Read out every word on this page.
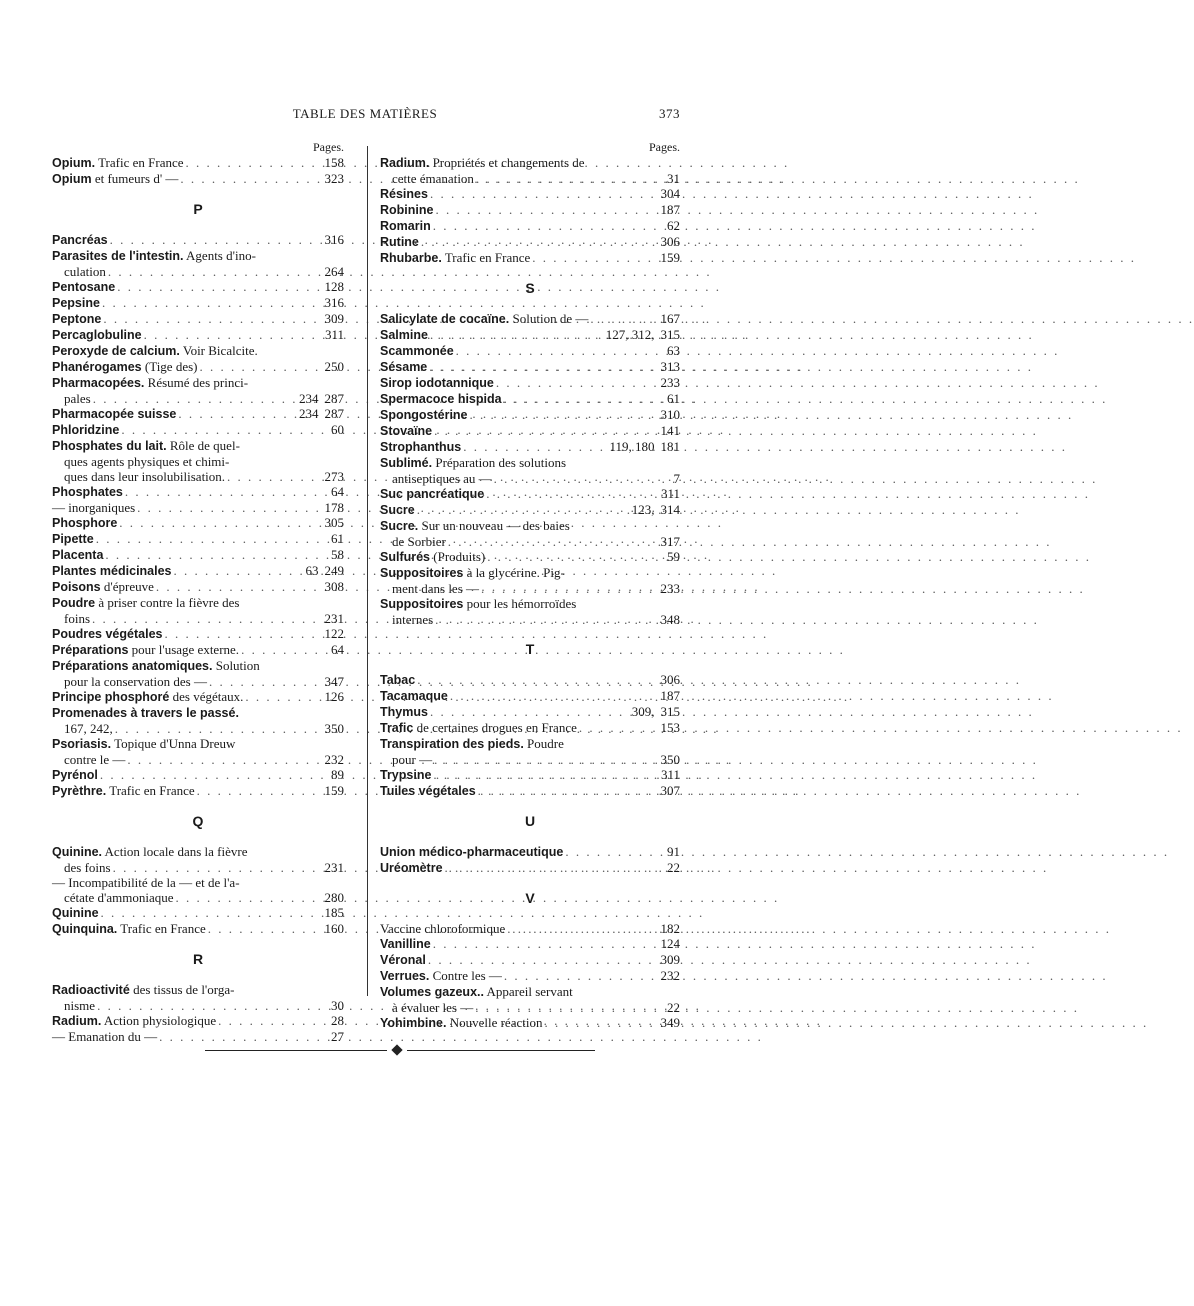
TABLE DES MATIÈRES	373
Pages.
Opium. Trafic en France . . .	158
Opium et fumeurs d' — . . .	323
P
Pancréas . . .	316
Parasites de l'intestin. Agents d'ino-
culation . . .	264
Pentosane . . .	128
Pepsine . . .	316
Peptone . . .	309
Percaglobuline . . .	311
Peroxyde de calcium. Voir Bicalcite.
Phanérogames (Tige des) . . .	250
Pharmacopées. Résumé des princi-
pales . . .	234 287
Pharmacopée suisse . . .	234 287
Phloridzine . . .	60
Phosphates du lait. Rôle de quel-
ques agents physiques et chimi-
ques dans leur insolubilisation. . . .	273
Phosphates . . .	64
— inorganiques . . .	178
Phosphore . . .	305
Pipette . . .	61
Placenta . . .	58
Plantes médicinales . . .	63 249
Poisons d'épreuve . . .	308
Poudre à priser contre la fièvre des
foins . . .	231
Poudres végétales . . .	122
Préparations pour l'usage externe. . . .	64
Préparations anatomiques. Solution
pour la conservation des — . . .	347
Principe phosphoré des végétaux. . . .	126
Promenades à travers le passé.
167, 242, . . .	350
Psoriasis. Topique d'Unna Dreuw
contre le — . . .	232
Pyrénol . . .	89
Pyrèthre. Trafic en France . . .	159
Q
Quinine. Action locale dans la fièvre
des foins . . .	231
— Incompatibilité de la — et de l'a-
cétate d'ammoniaque . . .	280
Quinine . . .	185
Quinquina. Trafic en France . . .	160
R
Radioactivité des tissus de l'orga-
nisme . . .	30
Radium. Action physiologique . . .	28
— Emanation du — . . .	27
Pages.
Radium. Propriétés et changements de
cette émanation . . .	31
Résines . . .	304
Robinine . . .	187
Romarin . . .	62
Rutine . . .	306
Rhubarbe. Trafic en France . . .	159
S
Salicylate de cocaïne. Solution de — . . .	167
Salmine . . .	127, 312, 315
Scammonée . . .	63
Sésame . . .	313
Sirop iodotannique . . .	233
Spermacoce hispida . . .	61
Spongostérine . . .	310
Stovaïne . . .	141
Strophanthus . . .	119, 180 181
Sublimé. Préparation des solutions
antiseptiques au — . . .	7
Suc pancréatique . . .	311
Sucre . . .	123, 314
Sucre. Sur un nouveau — des baies
de Sorbier . . .	317
Sulfurés (Produits) . . .	59
Suppositoires à la glycérine. Pig-
ment dans les — . . .	233
Suppositoires pour les hémorroïdes
internes . . .	348
T
Tabac . . .	306
Tacamaque . . .	187
Thymus . . .	309, 315
Trafic de certaines drogues en France . . .	153
Transpiration des pieds. Poudre
pour — . . .	350
Trypsine . . .	311
Tuiles végétales . . .	307
U
Union médico-pharmaceutique . . .	91
Uréomètre . . .	22
V
Vaccine chloroformique . . .	182
Vanilline . . .	124
Véronal . . .	309
Verrues. Contre les — . . .	232
Volumes gazeux.. Appareil servant
à évaluer les — . . .	22
Yohimbine. Nouvelle réaction . . .	349
